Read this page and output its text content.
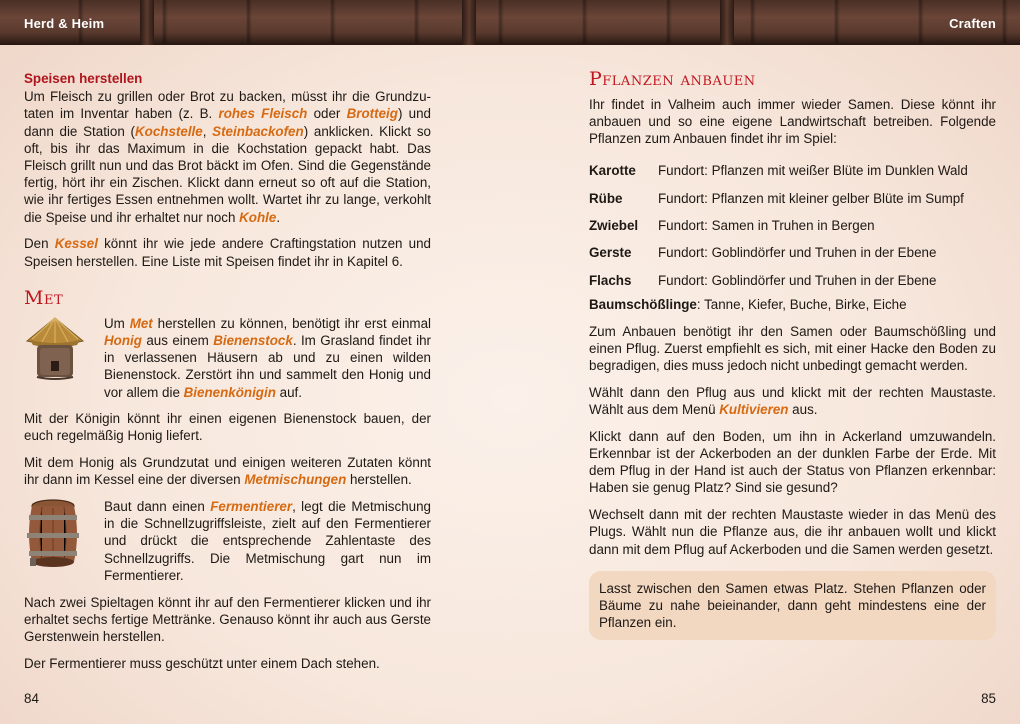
Herd & Heim	Craften
Speisen herstellen

Um Fleisch zu grillen oder Brot zu backen, müsst ihr die Grundzutaten im Inventar haben (z. B. rohes Fleisch oder Brotteig) und dann die Station (Kochstelle, Steinbackofen) anklicken. Klickt so oft, bis ihr das Maximum in die Kochstation gepackt habt. Das Fleisch grillt nun und das Brot bäckt im Ofen. Sind die Gegenstände fertig, hört ihr ein Zischen. Klickt dann erneut so oft auf die Station, wie ihr fertiges Essen entnehmen wollt. Wartet ihr zu lange, verkohlt die Speise und ihr erhaltet nur noch Kohle.

Den Kessel könnt ihr wie jede andere Craftingstation nutzen und Speisen herstellen. Eine Liste mit Speisen findet ihr in Kapitel 6.

Met

Um Met herstellen zu können, benötigt ihr erst einmal Honig aus einem Bienenstock. Im Grasland findet ihr in verlassenen Häusern ab und zu einen wilden Bienenstock. Zerstört ihn und sammelt den Honig und vor allem die Bienenkönigin auf.

Mit der Königin könnt ihr einen eigenen Bienenstock bauen, der euch regelmäßig Honig liefert.

Mit dem Honig als Grundzutat und einigen weiteren Zutaten könnt ihr dann im Kessel eine der diversen Metmischungen herstellen.

Baut dann einen Fermentierer, legt die Metmischung in die Schnellzugriffsleiste, zielt auf den Fermentierer und drückt die entsprechende Zahlentaste des Schnellzugriffs. Die Metmischung gart nun im Fermentierer.

Nach zwei Spieltagen könnt ihr auf den Fermentierer klicken und ihr erhaltet sechs fertige Mettränke. Genauso könnt ihr auch aus Gerste Gerstenwein herstellen.

Der Fermentierer muss geschützt unter einem Dach stehen.

Pflanzen anbauen

Ihr findet in Valheim auch immer wieder Samen. Diese könnt ihr anbauen und so eine eigene Landwirtschaft betreiben. Folgende Pflanzen zum Anbauen findet ihr im Spiel:

Karotte	Fundort: Pflanzen mit weißer Blüte im Dunklen Wald
Rübe	Fundort: Pflanzen mit kleiner gelber Blüte im Sumpf
Zwiebel	Fundort: Samen in Truhen in Bergen
Gerste	Fundort: Goblindörfer und Truhen in der Ebene
Flachs	Fundort: Goblindörfer und Truhen in der Ebene
Baumschößlinge: Tanne, Kiefer, Buche, Birke, Eiche

Zum Anbauen benötigt ihr den Samen oder Baumschößling und einen Pflug. Zuerst empfiehlt es sich, mit einer Hacke den Boden zu begradigen, dies muss jedoch nicht unbedingt gemacht werden.

Wählt dann den Pflug aus und klickt mit der rechten Maustaste. Wählt aus dem Menü Kultivieren aus.

Klickt dann auf den Boden, um ihn in Ackerland umzuwandeln. Erkennbar ist der Ackerboden an der dunklen Farbe der Erde. Mit dem Pflug in der Hand ist auch der Status von Pflanzen erkennbar: Haben sie genug Platz? Sind sie gesund?

Wechselt dann mit der rechten Maustaste wieder in das Menü des Plugs. Wählt nun die Pflanze aus, die ihr anbauen wollt und klickt dann mit dem Pflug auf Ackerboden und die Samen werden gesetzt.

Lasst zwischen den Samen etwas Platz. Stehen Pflanzen oder Bäume zu nahe beieinander, dann geht mindestens eine der Pflanzen ein.

84	85
